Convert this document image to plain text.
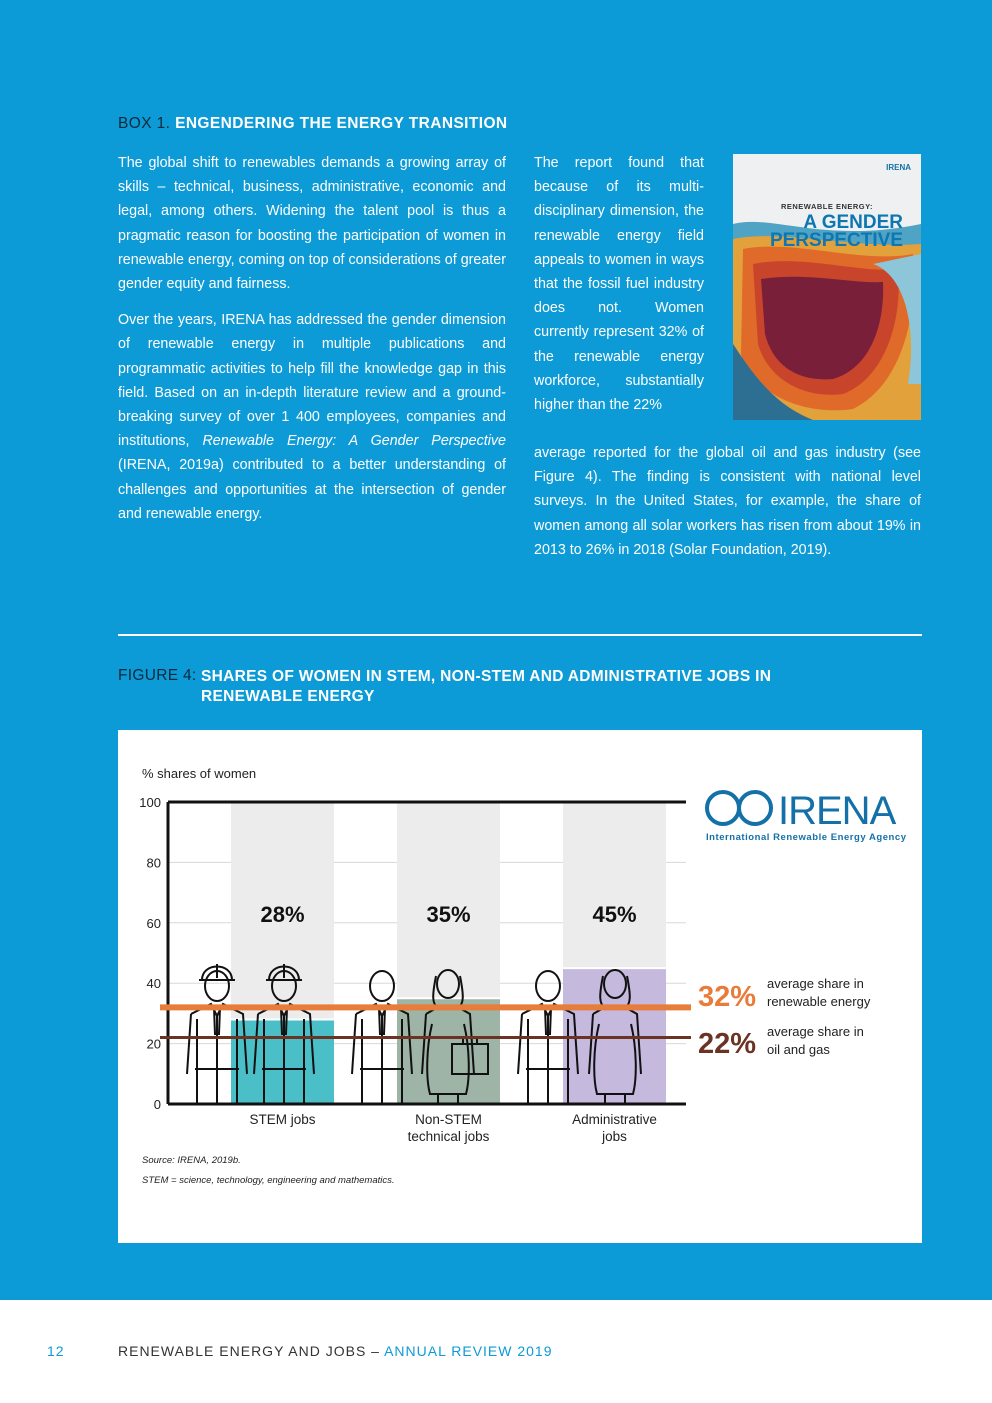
BOX 1. ENGENDERING THE ENERGY TRANSITION

The global shift to renewables demands a growing array of skills – technical, business, administrative, economic and legal, among others. Widening the talent pool is thus a pragmatic reason for boosting the participation of women in renewable energy, coming on top of considerations of greater gender equity and fairness.

Over the years, IRENA has addressed the gender dimension of renewable energy in multiple publications and programmatic activities to help fill the knowledge gap in this field. Based on an in-depth literature review and a ground-breaking survey of over 1 400 employees, companies and institutions, Renewable Energy: A Gender Perspective (IRENA, 2019a) contributed to a better understanding of challenges and opportunities at the intersection of gender and renewable energy.

The report found that because of its multi-disciplinary dimension, the renewable energy field appeals to women in ways that the fossil fuel industry does not. Women currently represent 32% of the renewable energy workforce, substantially higher than the 22%
average reported for the global oil and gas industry (see Figure 4). The finding is consistent with national level surveys. In the United States, for example, the share of women among all solar workers has risen from about 19% in 2013 to 26% in 2018 (Solar Foundation, 2019).
IRENA
RENEWABLE ENERGY:
A GENDER
PERSPECTIVE
FIGURE 4: SHARES OF WOMEN IN STEM, NON-STEM AND ADMINISTRATIVE JOBS IN RENEWABLE ENERGY
% shares of women
0
20
40
60
80
100
28%	35%	45%
32% average share in
renewable energy
22% average share in
oil and gas
STEM jobs	Non-STEM
technical jobs
Administrative
jobs
Source: IRENA, 2019b.
STEM = science, technology, engineering and mathematics.
IRENA
International Renewable Energy Agency
12	RENEWABLE ENERGY AND JOBS – ANNUAL REVIEW 2019
